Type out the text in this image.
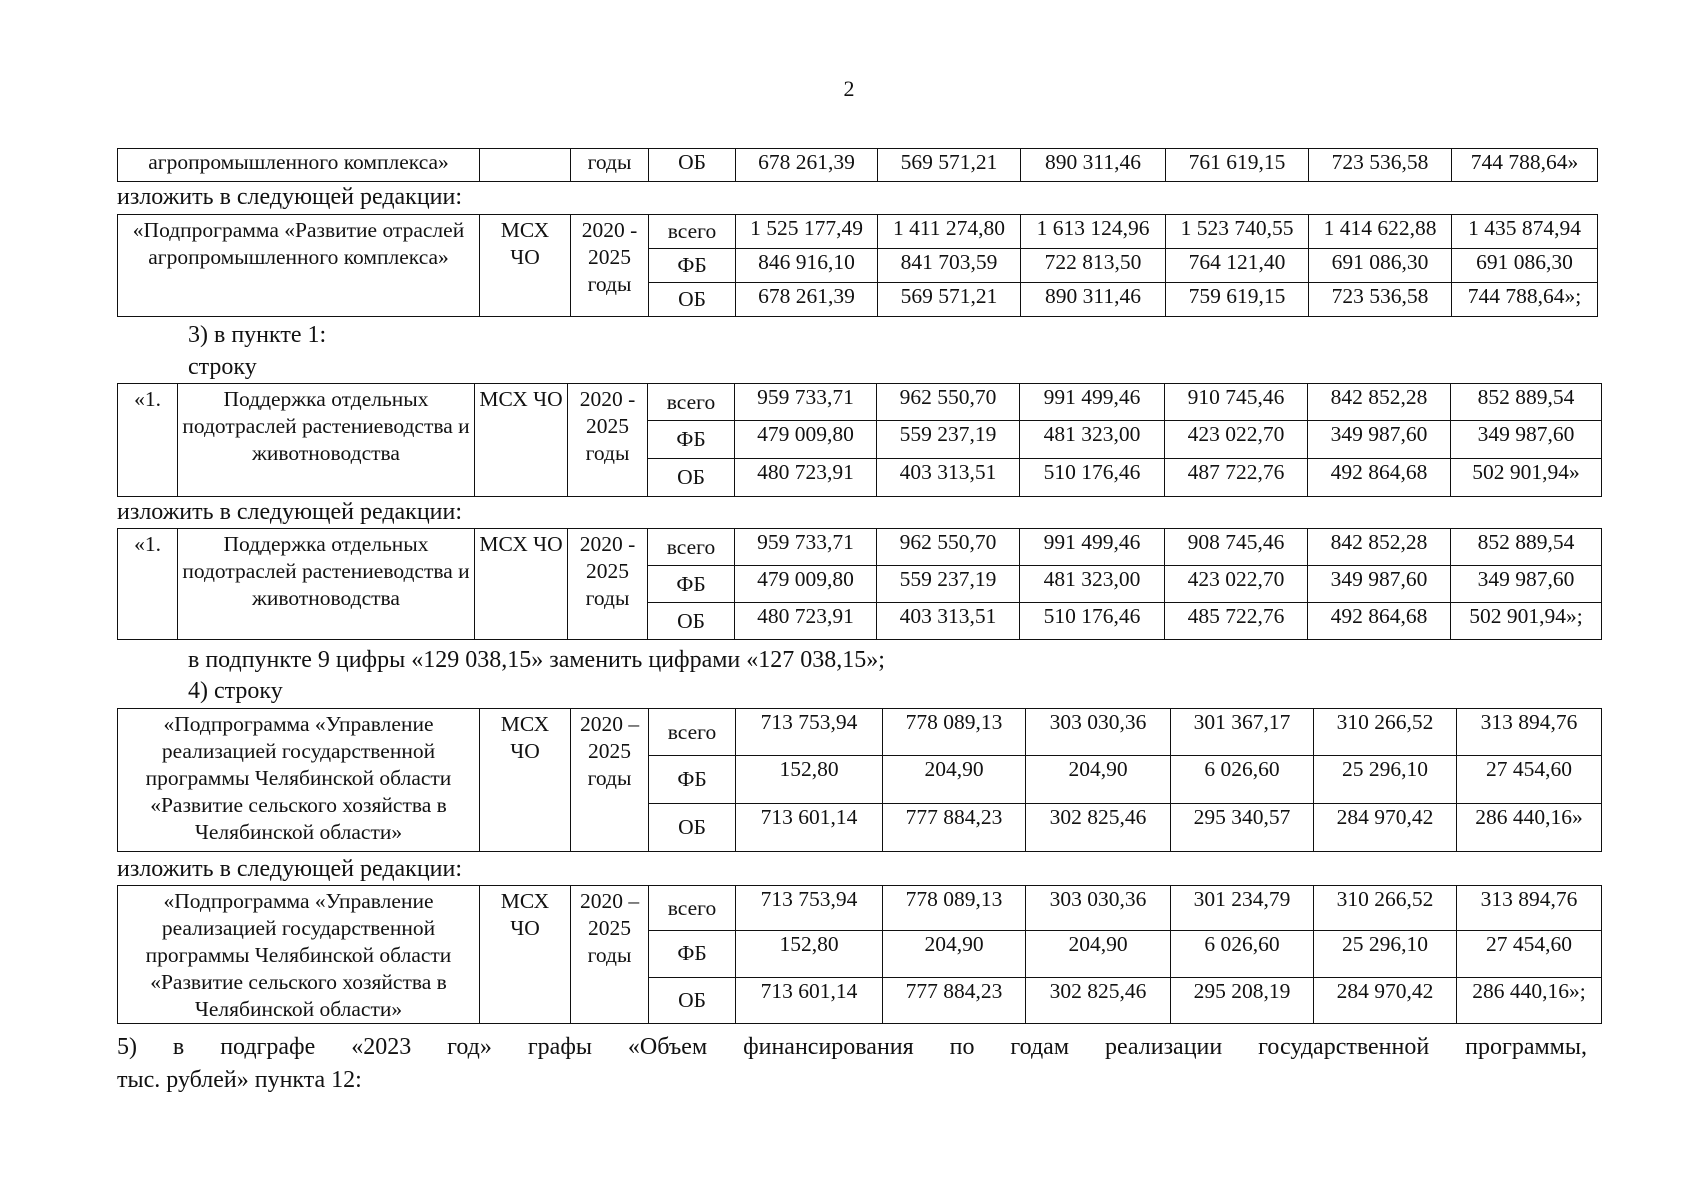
2
агропромышленного комплекса»		годы	ОБ	678 261,39	569 571,21	890 311,46	761 619,15	723 536,58	744 788,64»
изложить в следующей редакции:
«Подпрограмма «Развитие отраслей агропромышленного комплекса»	МСХ ЧО	2020 - 2025 годы	всего	1 525 177,49	1 411 274,80	1 613 124,96	1 523 740,55	1 414 622,88	1 435 874,94
			ФБ	846 916,10	841 703,59	722 813,50	764 121,40	691 086,30	691 086,30
			ОБ	678 261,39	569 571,21	890 311,46	759 619,15	723 536,58	744 788,64»;
3) в пункте 1:
строку
«1.	Поддержка отдельных подотраслей растениеводства и животноводства	МСХ ЧО	2020 - 2025 годы	всего	959 733,71	962 550,70	991 499,46	910 745,46	842 852,28	852 889,54
				ФБ	479 009,80	559 237,19	481 323,00	423 022,70	349 987,60	349 987,60
				ОБ	480 723,91	403 313,51	510 176,46	487 722,76	492 864,68	502 901,94»
изложить в следующей редакции:
«1.	Поддержка отдельных подотраслей растениеводства и животноводства	МСХ ЧО	2020 - 2025 годы	всего	959 733,71	962 550,70	991 499,46	908 745,46	842 852,28	852 889,54
				ФБ	479 009,80	559 237,19	481 323,00	423 022,70	349 987,60	349 987,60
				ОБ	480 723,91	403 313,51	510 176,46	485 722,76	492 864,68	502 901,94»;
в подпункте 9 цифры «129 038,15» заменить цифрами «127 038,15»;
4) строку
«Подпрограмма «Управление реализацией государственной программы Челябинской области «Развитие сельского хозяйства в Челябинской области»	МСХ ЧО	2020 – 2025 годы	всего	713 753,94	778 089,13	303 030,36	301 367,17	310 266,52	313 894,76
			ФБ	152,80	204,90	204,90	6 026,60	25 296,10	27 454,60
			ОБ	713 601,14	777 884,23	302 825,46	295 340,57	284 970,42	286 440,16»
изложить в следующей редакции:
«Подпрограмма «Управление реализацией государственной программы Челябинской области «Развитие сельского хозяйства в Челябинской области»	МСХ ЧО	2020 – 2025 годы	всего	713 753,94	778 089,13	303 030,36	301 234,79	310 266,52	313 894,76
			ФБ	152,80	204,90	204,90	6 026,60	25 296,10	27 454,60
			ОБ	713 601,14	777 884,23	302 825,46	295 208,19	284 970,42	286 440,16»;
5) в подграфе «2023 год» графы «Объем финансирования по годам реализации государственной программы,
тыс. рублей» пункта 12:
